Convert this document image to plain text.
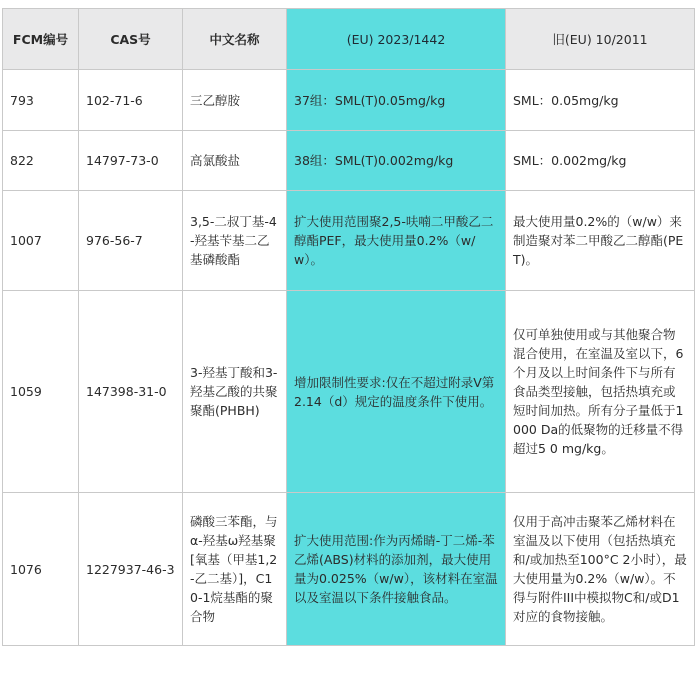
FCM编号	CAS号	中文名称	(EU) 2023/1442	旧(EU) 10/2011
793	102-71-6	三乙醇胺	37组：SML(T)0.05mg/kg	SML：0.05mg/kg
822	14797-73-0	高氯酸盐	38组：SML(T)0.002mg/kg	SML：0.002mg/kg
1007	976-56-7	3,5-二叔丁基-4-羟基苄基二乙基磷酸酯	扩大使用范围聚2,5-呋喃二甲酸乙二醇酯PEF，最大使用量0.2%（w/w）。	最大使用量0.2%的（w/w）来制造聚对苯二甲酸乙二醇酯(PET)。
1059	147398-31-0	3-羟基丁酸和3-羟基乙酸的共聚聚酯(PHBH)	增加限制性要求:仅在不超过附录V第2.14（d）规定的温度条件下使用。	仅可单独使用或与其他聚合物混合使用，在室温及室以下，6个月及以上时间条件下与所有食品类型接触，包括热填充或短时间加热。所有分子量低于1000 Da的低聚物的迁移量不得超过5 0 mg/kg。
1076	1227937-46-3	磷酸三苯酯，与α-羟基ω羟基聚[氧基（甲基1,2-乙二基）]，C10-1烷基酯的聚合物	扩大使用范围:作为丙烯睛-丁二烯-苯乙烯(ABS)材料的添加剂，最大使用量为0.025%（w/w），该材料在室温以及室温以下条件接触食品。	仅用于高冲击聚苯乙烯材料在室温及以下使用（包括热填充和/或加热至100°C 2小时），最大使用量为0.2%（w/w）。不得与附件III中模拟物C和/或D1对应的食物接触。
